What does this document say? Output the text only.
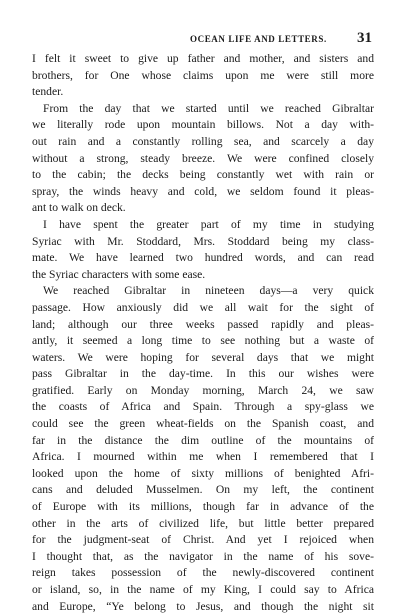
OCEAN LIFE AND LETTERS. 31
I felt it sweet to give up father and mother, and sisters and
brothers, for One whose claims upon me were still more
tender.
From the day that we started until we reached Gibraltar
we literally rode upon mountain billows. Not a day with-
out rain and a constantly rolling sea, and scarcely a day
without a strong, steady breeze. We were confined closely
to the cabin; the decks being constantly wet with rain or
spray, the winds heavy and cold, we seldom found it pleas-
ant to walk on deck.
I have spent the greater part of my time in studying
Syriac with Mr. Stoddard, Mrs. Stoddard being my class-
mate. We have learned two hundred words, and can read
the Syriac characters with some ease.
We reached Gibraltar in nineteen days—a very quick
passage. How anxiously did we all wait for the sight of
land; although our three weeks passed rapidly and pleas-
antly, it seemed a long time to see nothing but a waste of
waters. We were hoping for several days that we might
pass Gibraltar in the day-time. In this our wishes were
gratified. Early on Monday morning, March 24, we saw
the coasts of Africa and Spain. Through a spy-glass we
could see the green wheat-fields on the Spanish coast, and
far in the distance the dim outline of the mountains of
Africa. I mourned within me when I remembered that I
looked upon the home of sixty millions of benighted Afri-
cans and deluded Musselmen. On my left, the continent
of Europe with its millions, though far in advance of the
other in the arts of civilized life, but little better prepared
for the judgment-seat of Christ. And yet I rejoiced when
I thought that, as the navigator in the name of his sove-
reign takes possession of the newly-discovered continent
or island, so, in the name of my King, I could say to Africa
and Europe, “Ye belong to Jesus, and though the night sit
